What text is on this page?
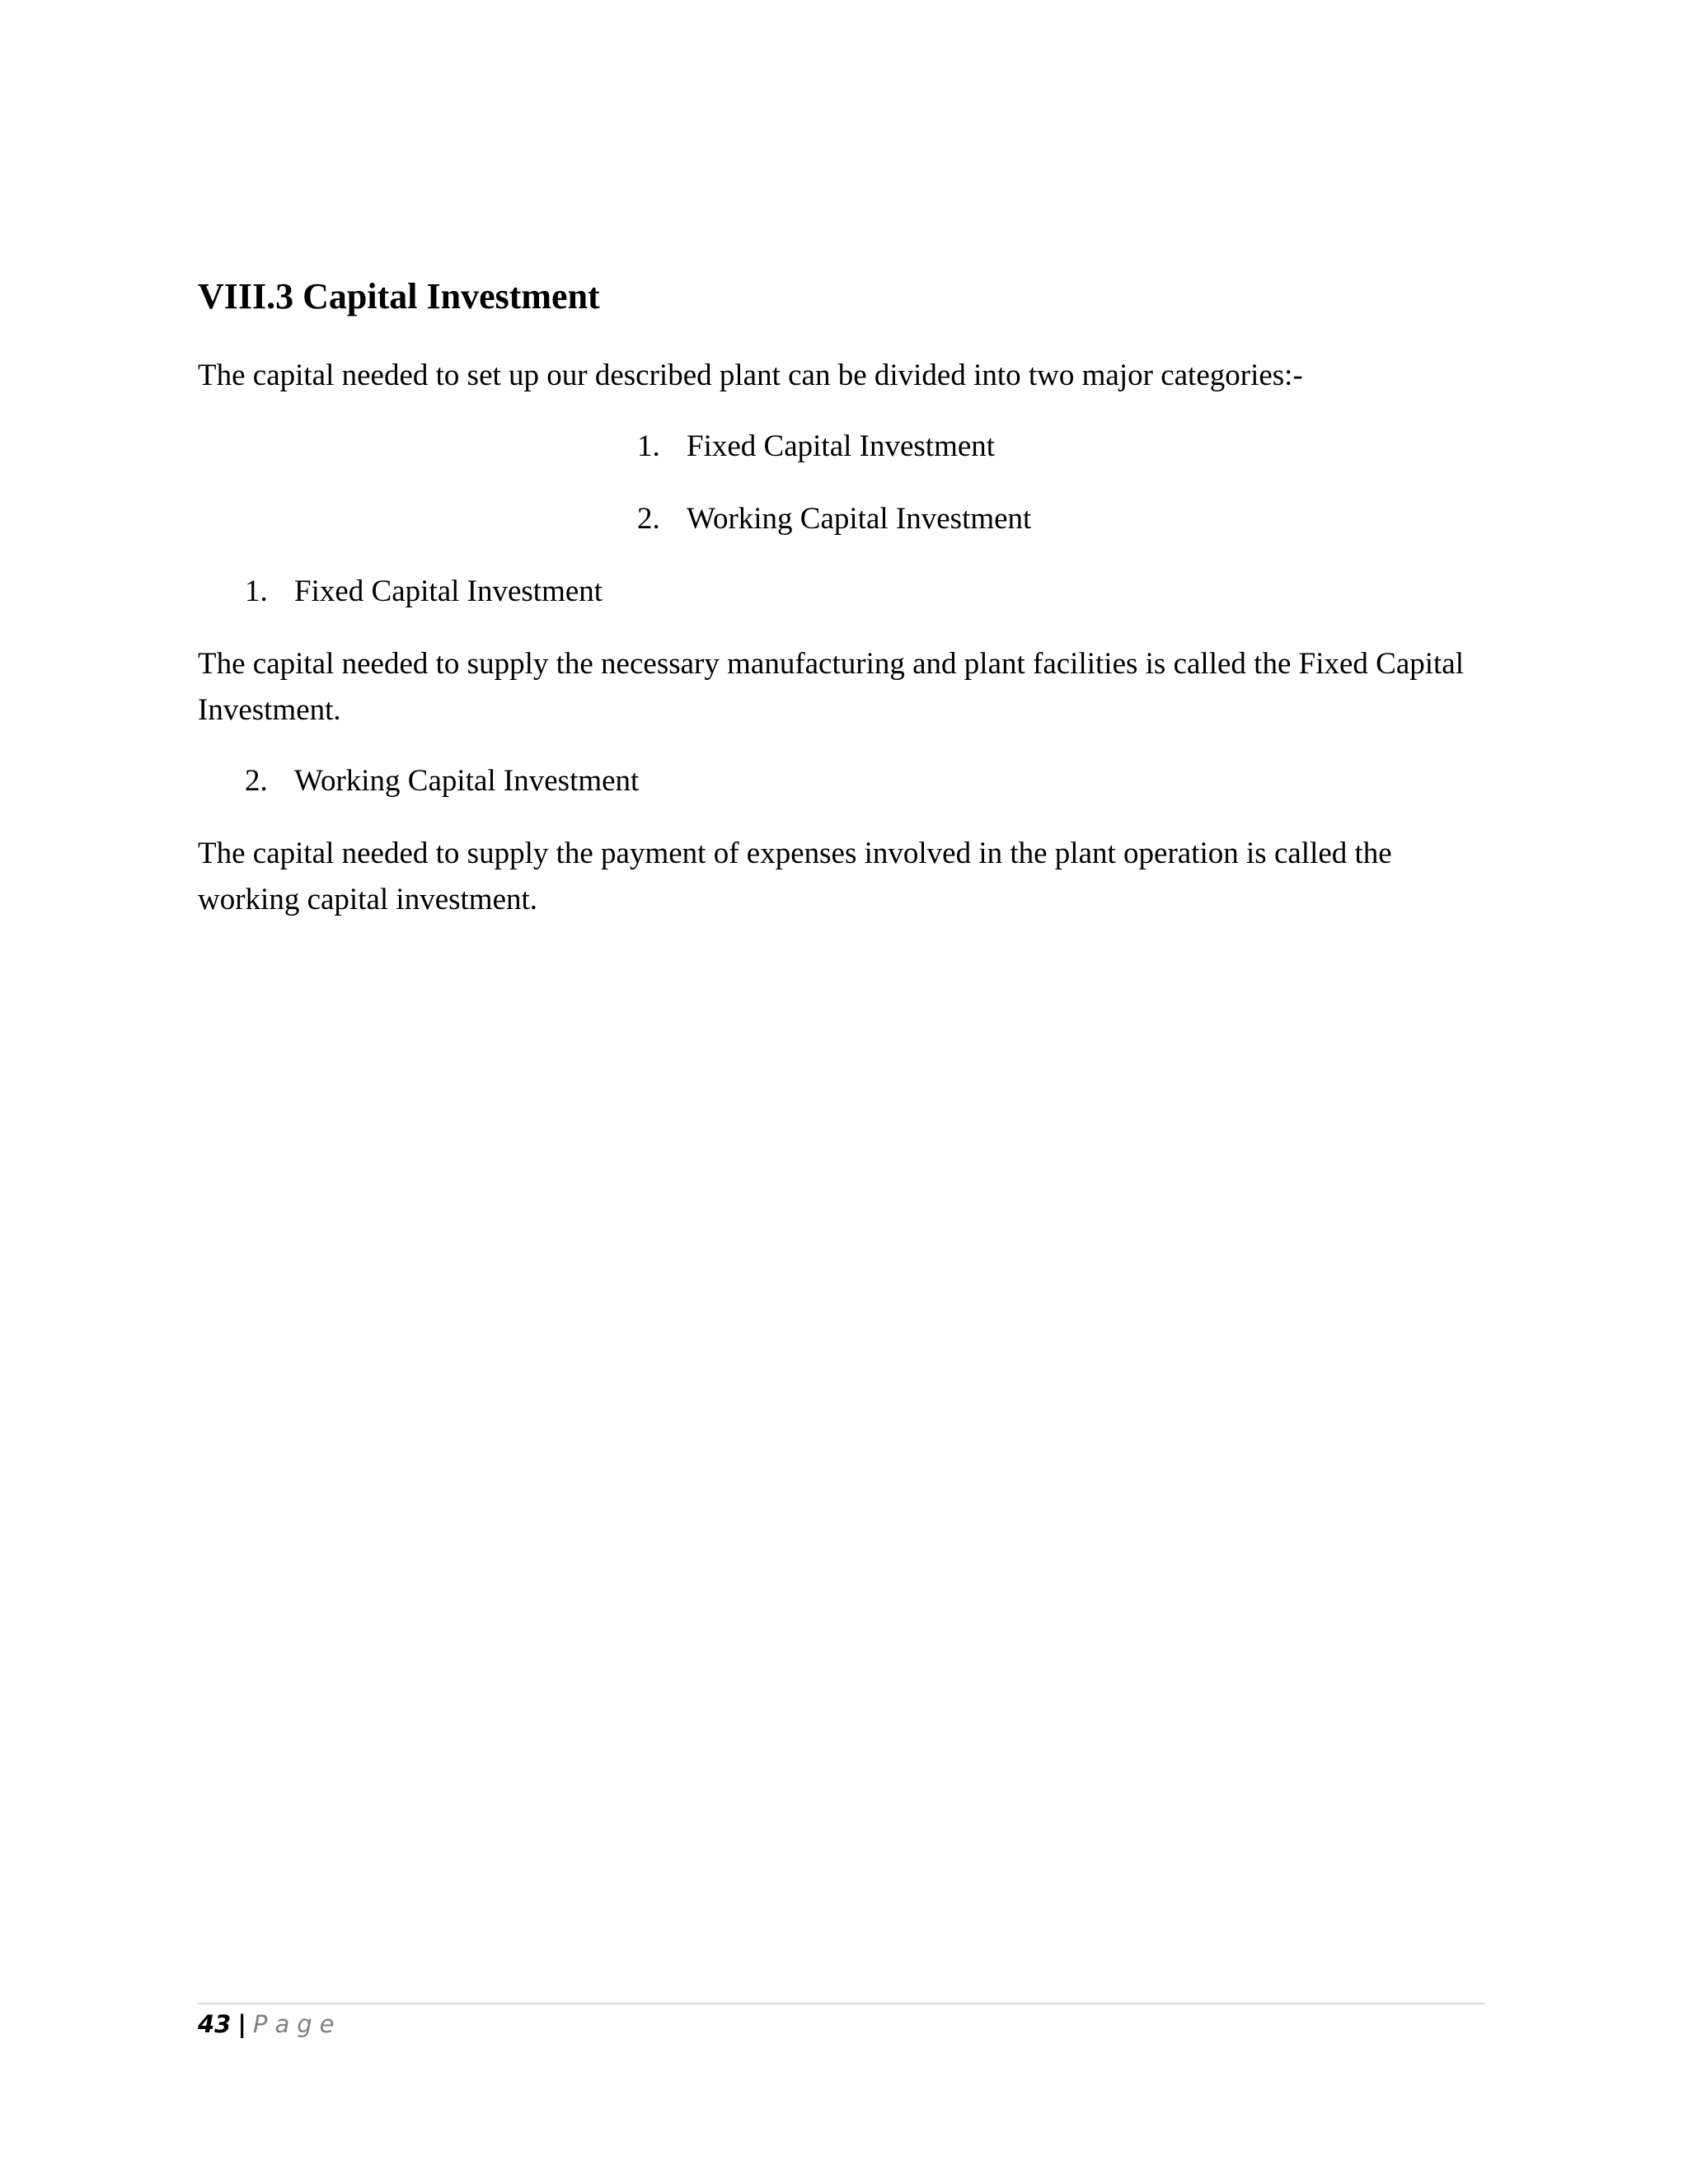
VIII.3 Capital Investment

The capital needed to set up our described plant can be divided into two major categories:-

1. Fixed Capital Investment
2. Working Capital Investment
1. Fixed Capital Investment

The capital needed to supply the necessary manufacturing and plant facilities is called the Fixed Capital Investment.

2. Working Capital Investment

The capital needed to supply the payment of expenses involved in the plant operation is called the working capital investment.

43 | Page
